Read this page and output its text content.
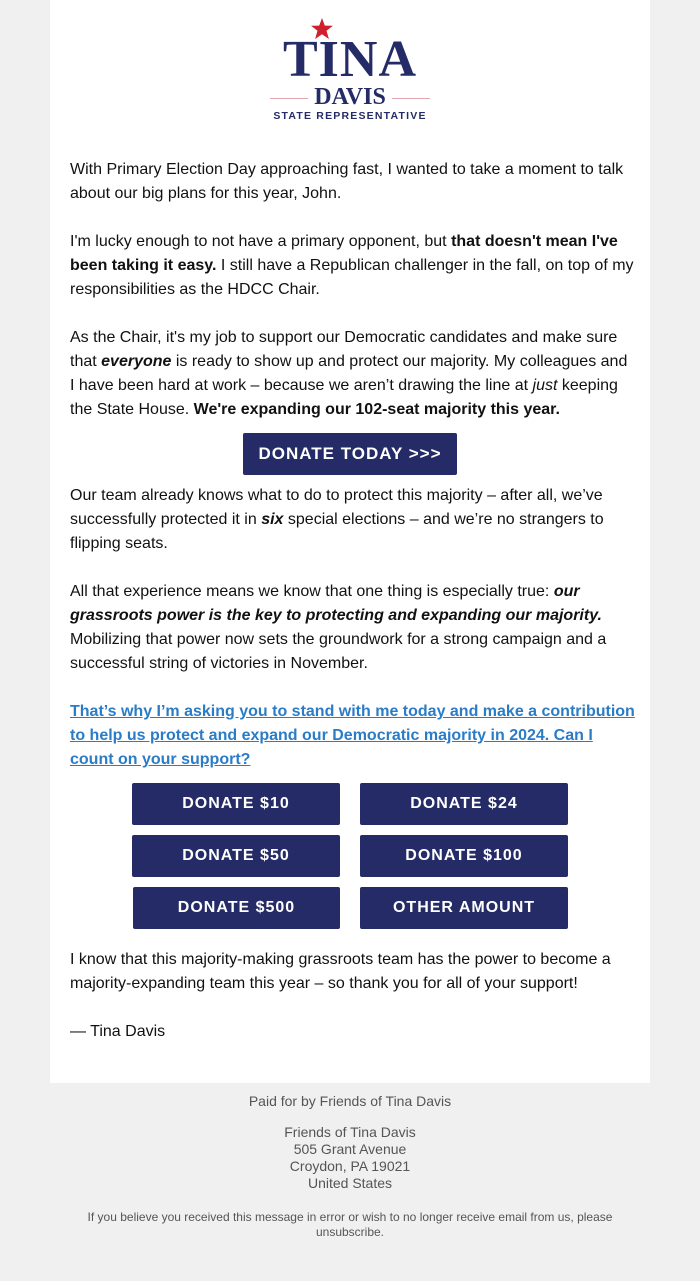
TINA
DAVIS
STATE REPRESENTATIVE

With Primary Election Day approaching fast, I wanted to take a moment to talk about our big plans for this year, John.

I'm lucky enough to not have a primary opponent, but that doesn't mean I've been taking it easy. I still have a Republican challenger in the fall, on top of my responsibilities as the HDCC Chair.

As the Chair, it's my job to support our Democratic candidates and make sure that everyone is ready to show up and protect our majority. My colleagues and I have been hard at work – because we aren’t drawing the line at just keeping the State House. We're expanding our 102-seat majority this year.

DONATE TODAY >>>

Our team already knows what to do to protect this majority – after all, we’ve successfully protected it in six special elections – and we’re no strangers to flipping seats.

All that experience means we know that one thing is especially true: our grassroots power is the key to protecting and expanding our majority. Mobilizing that power now sets the groundwork for a strong campaign and a successful string of victories in November.

That’s why I’m asking you to stand with me today and make a contribution to help us protect and expand our Democratic majority in 2024. Can I count on your support?

DONATE $10	DONATE $24
DONATE $50	DONATE $100
DONATE $500	OTHER AMOUNT

I know that this majority-making grassroots team has the power to become a majority-expanding team this year – so thank you for all of your support!

— Tina Davis

Paid for by Friends of Tina Davis
Friends of Tina Davis
505 Grant Avenue
Croydon, PA 19021
United States
If you believe you received this message in error or wish to no longer receive email from us, please unsubscribe.
